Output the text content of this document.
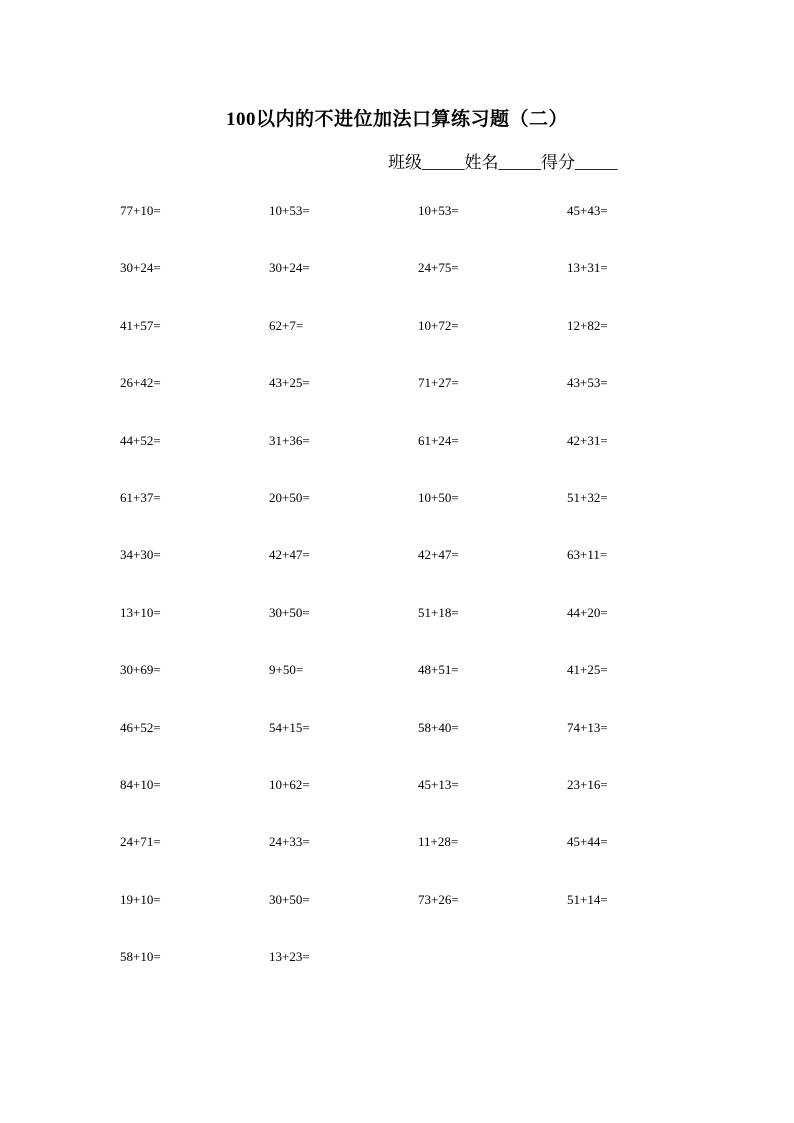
100以内的不进位加法口算练习题（二）
班级_____姓名_____得分_____
77+10=	10+53=	10+53=	45+43=
30+24=	30+24=	24+75=	13+31=
41+57=	62+7=	10+72=	12+82=
26+42=	43+25=	71+27=	43+53=
44+52=	31+36=	61+24=	42+31=
61+37=	20+50=	10+50=	51+32=
34+30=	42+47=	42+47=	63+11=
13+10=	30+50=	51+18=	44+20=
30+69=	9+50=	48+51=	41+25=
46+52=	54+15=	58+40=	74+13=
84+10=	10+62=	45+13=	23+16=
24+71=	24+33=	11+28=	45+44=
19+10=	30+50=	73+26=	51+14=
58+10=	13+23=
